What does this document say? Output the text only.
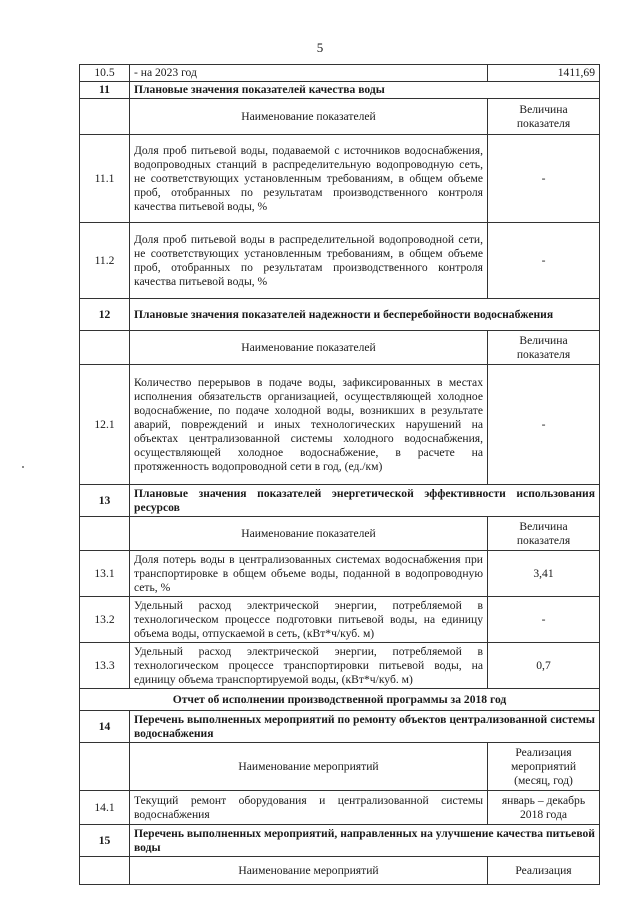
5
10.5	- на 2023 год	1411,69
11	Плановые значения показателей качества воды	
	Наименование показателей	Величина показателя
11.1	Доля проб питьевой воды, подаваемой с источников водоснабжения, водопроводных станций в распределительную водопроводную сеть, не соответствующих установленным требованиям, в общем объеме проб, отобранных по результатам производственного контроля качества питьевой воды, %	-
11.2	Доля проб питьевой воды в распределительной водопроводной сети, не соответствующих установленным требованиям, в общем объеме проб, отобранных по результатам производственного контроля качества питьевой воды, %	-
12	Плановые значения показателей надежности и бесперебойности водоснабжения	
	Наименование показателей	Величина показателя
12.1	Количество перерывов в подаче воды, зафиксированных в местах исполнения обязательств организацией, осуществляющей холодное водоснабжение, по подаче холодной воды, возникших в результате аварий, повреждений и иных технологических нарушений на объектах централизованной системы холодного водоснабжения, осуществляющей холодное водоснабжение, в расчете на протяженность водопроводной сети в год, (ед./км)	-
13	Плановые значения показателей энергетической эффективности использования ресурсов	
	Наименование показателей	Величина показателя
13.1	Доля потерь воды в централизованных системах водоснабжения при транспортировке в общем объеме воды, поданной в водопроводную сеть, %	3,41
13.2	Удельный расход электрической энергии, потребляемой в технологическом процессе подготовки питьевой воды, на единицу объема воды, отпускаемой в сеть, (кВт*ч/куб. м)	-
13.3	Удельный расход электрической энергии, потребляемой в технологическом процессе транспортировки питьевой воды, на единицу объема транспортируемой воды, (кВт*ч/куб. м)	0,7
Отчет об исполнении производственной программы за 2018 год		
14	Перечень выполненных мероприятий по ремонту объектов централизованной системы водоснабжения	
	Наименование мероприятий	Реализация мероприятий (месяц, год)
14.1	Текущий ремонт оборудования и централизованной системы водоснабжения	январь – декабрь 2018 года
15	Перечень выполненных мероприятий, направленных на улучшение качества питьевой воды	
	Наименование мероприятий	Реализация
